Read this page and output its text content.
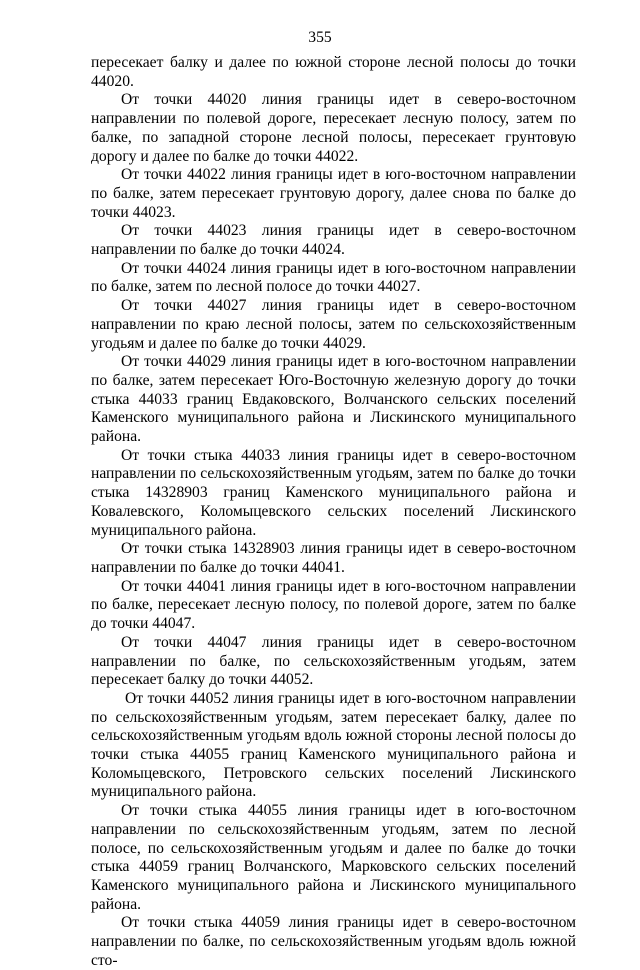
355

пересекает балку и далее по южной стороне лесной полосы до точки 44020.

От точки 44020 линия границы идет в северо-восточном направлении по полевой дороге, пересекает лесную полосу, затем по балке, по западной стороне лесной полосы, пересекает грунтовую дорогу и далее по балке до точки 44022.

От точки 44022 линия границы идет в юго-восточном направлении по балке, затем пересекает грунтовую дорогу, далее снова по балке до точки 44023.

От точки 44023 линия границы идет в северо-восточном направлении по балке до точки 44024.

От точки 44024 линия границы идет в юго-восточном направлении по балке, затем по лесной полосе до точки 44027.

От точки 44027 линия границы идет в северо-восточном направлении по краю лесной полосы, затем по сельскохозяйственным угодьям и далее по балке до точки 44029.

От точки 44029 линия границы идет в юго-восточном направлении по балке, затем пересекает Юго-Восточную железную дорогу до точки стыка 44033 границ Евдаковского, Волчанского сельских поселений Каменского муниципального района и Лискинского муниципального района.

От точки стыка 44033 линия границы идет в северо-восточном направлении по сельскохозяйственным угодьям, затем по балке до точки стыка 14328903 границ Каменского муниципального района и Ковалевского, Коломыцевского сельских поселений Лискинского муниципального района.

От точки стыка 14328903 линия границы идет в северо-восточном направлении по балке до точки 44041.

От точки 44041 линия границы идет в юго-восточном направлении по балке, пересекает лесную полосу, по полевой дороге, затем по балке до точки 44047.

От точки 44047 линия границы идет в северо-восточном направлении по балке, по сельскохозяйственным угодьям, затем пересекает балку до точки 44052.

От точки 44052 линия границы идет в юго-восточном направлении по сельскохозяйственным угодьям, затем пересекает балку, далее по сельскохозяйственным угодьям вдоль южной стороны лесной полосы до точки стыка 44055 границ Каменского муниципального района и Коломыцевского, Петровского сельских поселений Лискинского муниципального района.

От точки стыка 44055 линия границы идет в юго-восточном направлении по сельскохозяйственным угодьям, затем по лесной полосе, по сельскохозяйственным угодьям и далее по балке до точки стыка 44059 границ Волчанского, Марковского сельских поселений Каменского муниципального района и Лискинского муниципального района.

От точки стыка 44059 линия границы идет в северо-восточном направлении по балке, по сельскохозяйственным угодьям вдоль южной сто-
